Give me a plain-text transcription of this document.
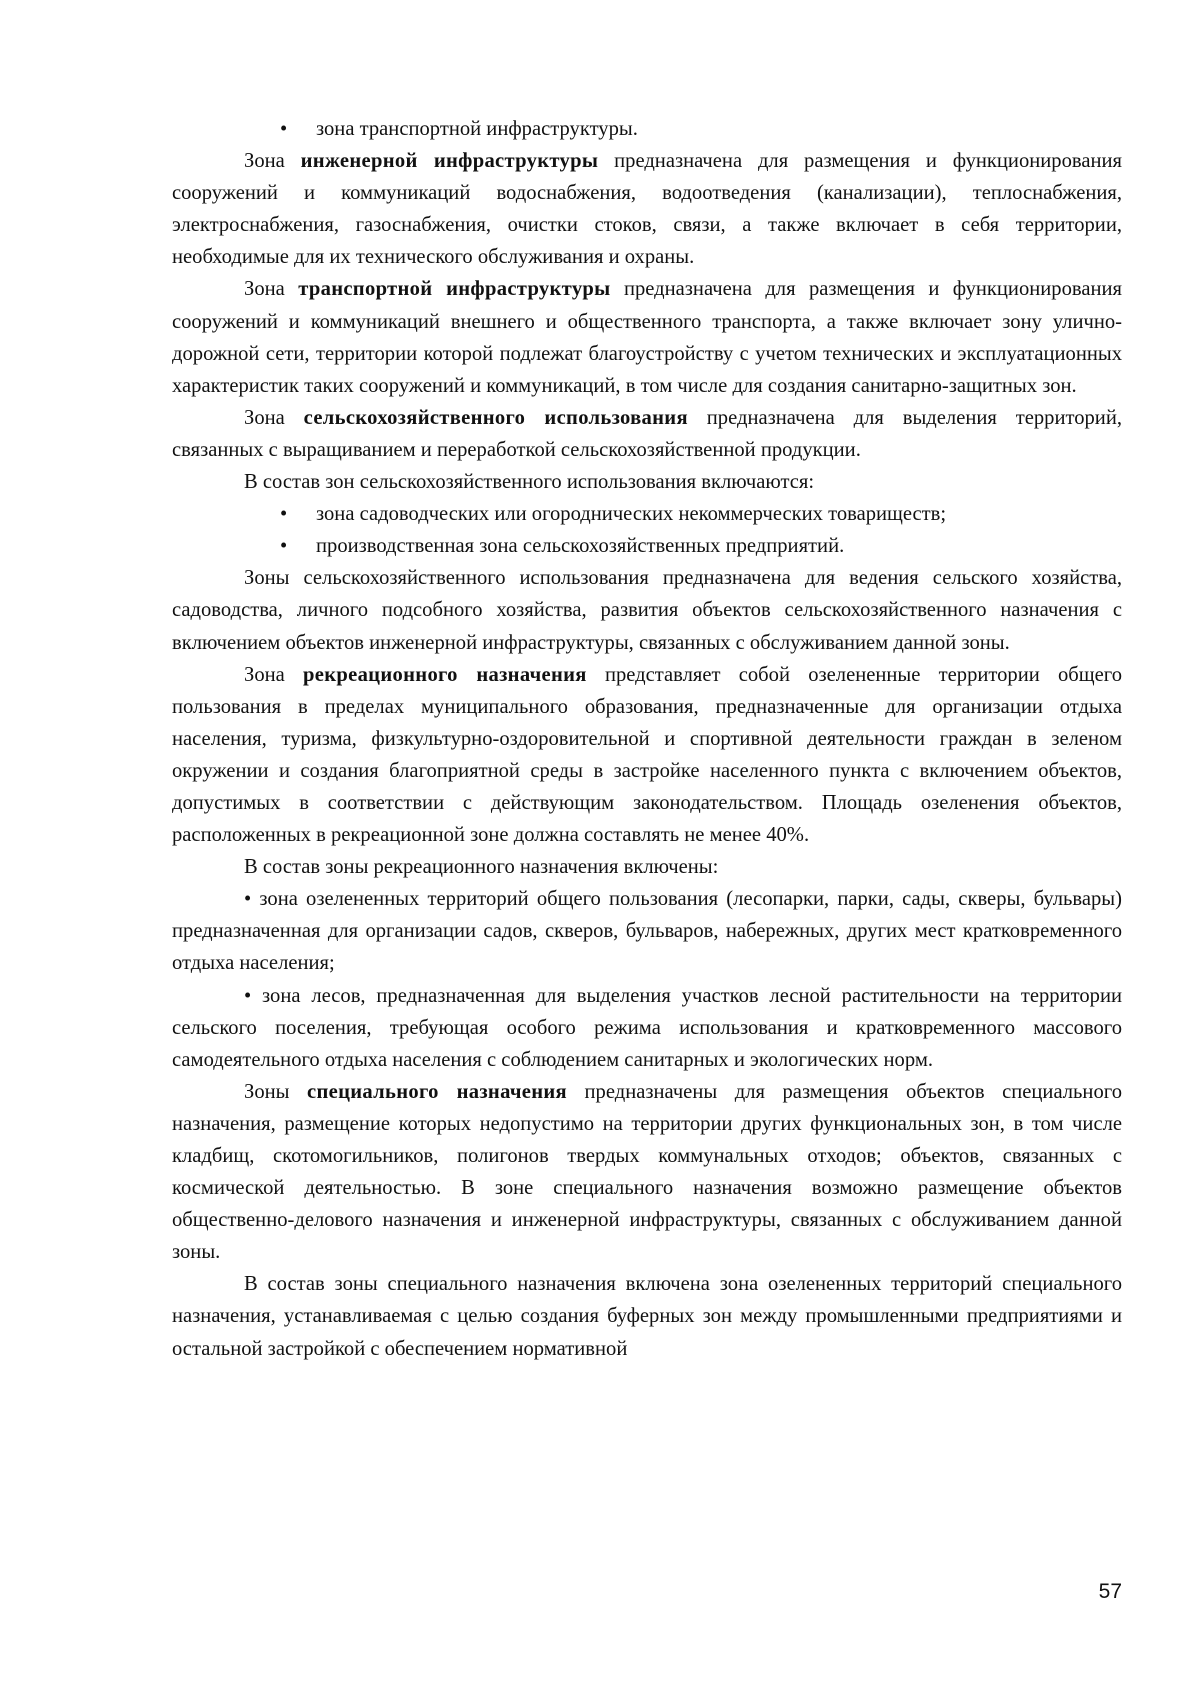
• зона транспортной инфраструктуры.

Зона инженерной инфраструктуры предназначена для размещения и функционирования сооружений и коммуникаций водоснабжения, водоотведения (канализации), теплоснабжения, электроснабжения, газоснабжения, очистки стоков, связи, а также включает в себя территории, необходимые для их технического обслуживания и охраны.

Зона транспортной инфраструктуры предназначена для размещения и функционирования сооружений и коммуникаций внешнего и общественного транспорта, а также включает зону улично-дорожной сети, территории которой подлежат благоустройству с учетом технических и эксплуатационных характеристик таких сооружений и коммуникаций, в том числе для создания санитарно-защитных зон.

Зона сельскохозяйственного использования предназначена для выделения территорий, связанных с выращиванием и переработкой сельскохозяйственной продукции.

В состав зон сельскохозяйственного использования включаются:

• зона садоводческих или огороднических некоммерческих товариществ;

• производственная зона сельскохозяйственных предприятий.

Зоны сельскохозяйственного использования предназначена для ведения сельского хозяйства, садоводства, личного подсобного хозяйства, развития объектов сельскохозяйственного назначения с включением объектов инженерной инфраструктуры, связанных с обслуживанием данной зоны.

Зона рекреационного назначения представляет собой озелененные территории общего пользования в пределах муниципального образования, предназначенные для организации отдыха населения, туризма, физкультурно-оздоровительной и спортивной деятельности граждан в зеленом окружении и создания благоприятной среды в застройке населенного пункта с включением объектов, допустимых в соответствии с действующим законодательством. Площадь озеленения объектов, расположенных в рекреационной зоне должна составлять не менее 40%.

В состав зоны рекреационного назначения включены:

• зона озелененных территорий общего пользования (лесопарки, парки, сады, скверы, бульвары) предназначенная для организации садов, скверов, бульваров, набережных, других мест кратковременного отдыха населения;

• зона лесов, предназначенная для выделения участков лесной растительности на территории сельского поселения, требующая особого режима использования и кратковременного массового самодеятельного отдыха населения с соблюдением санитарных и экологических норм.

Зоны специального назначения предназначены для размещения объектов специального назначения, размещение которых недопустимо на территории других функциональных зон, в том числе кладбищ, скотомогильников, полигонов твердых коммунальных отходов; объектов, связанных с космической деятельностью. В зоне специального назначения возможно размещение объектов общественно-делового назначения и инженерной инфраструктуры, связанных с обслуживанием данной зоны.

В состав зоны специального назначения включена зона озелененных территорий специального назначения, устанавливаемая с целью создания буферных зон между промышленными предприятиями и остальной застройкой с обеспечением нормативной

57
